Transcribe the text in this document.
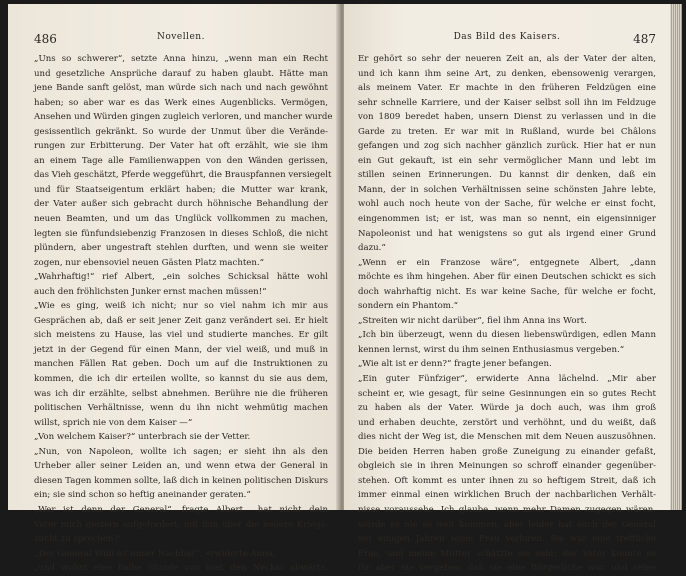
486	Novellen.
„Uns so schwerer“, setzte Anna hinzu, „wenn man ein Recht
und gesetzliche Ansprüche darauf zu haben glaubt. Hätte man
jene Bande sanft gelöst, man würde sich nach und nach gewöhnt
haben; so aber war es das Werk eines Augenblicks. Vermögen,
Ansehen und Würden gingen zugleich verloren, und mancher wurde
gesissentlich gekränkt. So wurde der Unmut über die Verände-
rungen zur Erbitterung. Der Vater hat oft erzählt, wie sie ihm
an einem Tage alle Familienwappen von den Wänden gerissen,
das Vieh geschätzt, Pferde weggeführt, die Brauspfannen versiegelt
und für Staatseigentum erklärt haben; die Mutter war krank,
der Vater außer sich gebracht durch höhnische Behandlung der
neuen Beamten, und um das Unglück vollkommen zu machen,
legten sie fünfundsiebenzig Franzosen in dieses Schloß, die nicht
plündern, aber ungestraft stehlen durften, und wenn sie weiter
zogen, nur ebensoviel neuen Gästen Platz machten.“
„Wahrhaftig!“ rief Albert, „ein solches Schicksal hätte wohl
auch den fröhlichsten Junker ernst machen müssen!“
„Wie es ging, weiß ich nicht; nur so viel nahm ich mir aus
Gesprächen ab, daß er seit jener Zeit ganz verändert sei. Er hielt
sich meistens zu Hause, las viel und studierte manches. Er gilt
jetzt in der Gegend für einen Mann, der viel weiß, und muß in
manchen Fällen Rat geben. Doch um auf die Instruktionen zu
kommen, die ich dir erteilen wollte, so kannst du sie aus dem,
was ich dir erzählte, selbst abnehmen. Berühre nie die früheren
politischen Verhältnisse, wenn du ihn nicht wehmütig machen
willst, sprich nie von dem Kaiser —“
„Von welchem Kaiser?“ unterbrach sie der Vetter.
„Nun, von Napoleon, wollte ich sagen; er sieht ihn als den
Urheber aller seiner Leiden an, und wenn etwa der General in
diesen Tagen kommen sollte, laß dich in keinen politischen Diskurs
ein; sie sind schon so heftig aneinander geraten.“
„Wer ist denn der General“, fragte Albert, „hat nicht dein
Vater mich gestern aufgefordert, mit ihm über die neuere Kriegs-
zucht zu sprechen?“
„Der General Willi ist unser Nachbar“, erwiderte Anna,
„und wohnt eine halbe Stunde von hier, den Neckar abwärts.
Das Bild des Kaisers.	487
Er gehört so sehr der neueren Zeit an, als der Vater der alten,
und ich kann ihm seine Art, zu denken, ebensowenig verargen,
als meinem Vater. Er machte in den früheren Feldzügen eine
sehr schnelle Karriere, und der Kaiser selbst soll ihn im Feldzuge
von 1809 beredet haben, unsern Dienst zu verlassen und in die
Garde zu treten. Er war mit in Rußland, wurde bei Châlons
gefangen und zog sich nachher gänzlich zurück. Hier hat er nun
ein Gut gekauft, ist ein sehr vermöglicher Mann und lebt im
stillen seinen Erinnerungen. Du kannst dir denken, daß ein
Mann, der in solchen Verhältnissen seine schönsten Jahre lebte,
wohl auch noch heute von der Sache, für welche er einst focht,
eingenommen ist; er ist, was man so nennt, ein eigensinniger
Napoleonist und hat wenigstens so gut als irgend einer Grund
dazu.“
„Wenn er ein Franzose wäre“, entgegnete Albert, „dann
möchte es ihm hingehen. Aber für einen Deutschen schickt es sich
doch wahrhaftig nicht. Es war keine Sache, für welche er focht,
sondern ein Phantom.“
„Streiten wir nicht darüber“, fiel ihm Anna ins Wort.
„Ich bin überzeugt, wenn du diesen liebenswürdigen, edlen Mann
kennen lernst, wirst du ihm seinen Enthusiasmus vergeben.“
„Wie alt ist er denn?“ fragte jener befangen.
„Ein guter Fünfziger“, erwiderte Anna lächelnd. „Mir aber
scheint er, wie gesagt, für seine Gesinnungen ein so gutes Recht
zu haben als der Vater. Würde ja doch auch, was ihm groß
und erhaben deuchte, zerstört und verhöhnt, und du weißt, daß
dies nicht der Weg ist, die Menschen mit dem Neuen auszusöhnen.
Die beiden Herren haben große Zuneigung zu einander gefaßt,
obgleich sie in ihren Meinungen so schroff einander gegenüber-
stehen. Oft kommt es unter ihnen zu so heftigem Streit, daß ich
immer einmal einen wirklichen Bruch der nachbarlichen Verhält-
nisse voraussehe. Ich glaube, wenn mehr Damen zugegen wären,
würde es nie so weit kommen, aber leider hat auch der General
vor einigen Jahren seine Frau verloren. Sie war eine treffliche
Frau, und meine Mutter schätzte sie sehr; der Vater konnte es
ihr aber nie vergeben, daß sie eine Bürgerliche war, und seine
